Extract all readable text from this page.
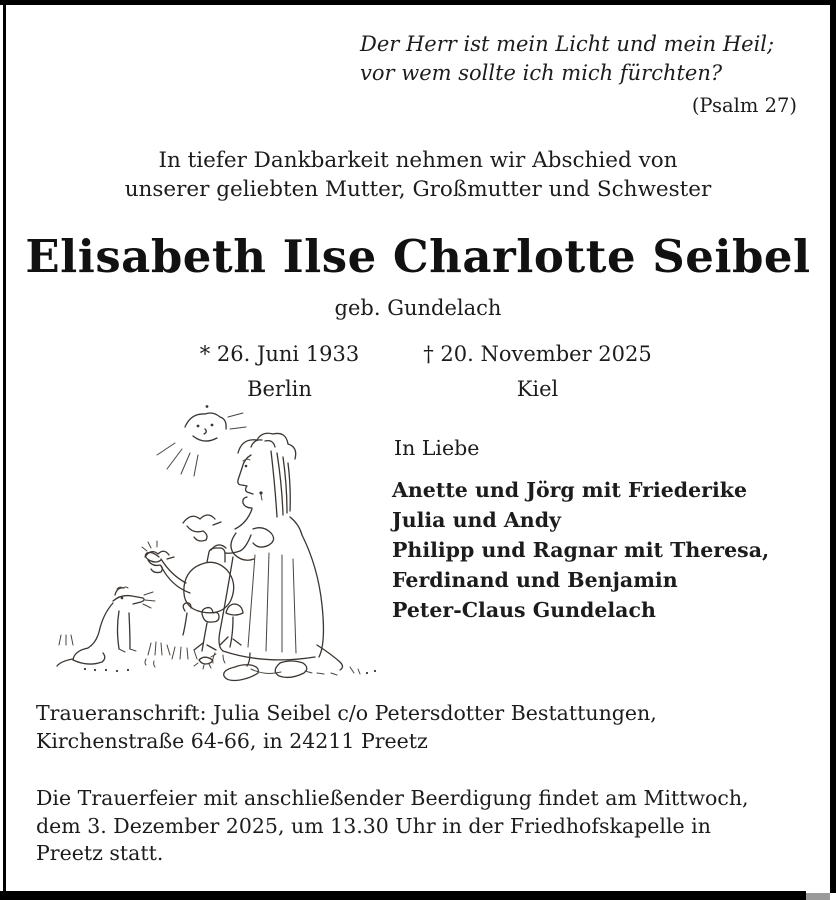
Der Herr ist mein Licht und mein Heil;
vor wem sollte ich mich fürchten?
(Psalm 27)
In tiefer Dankbarkeit nehmen wir Abschied von
unserer geliebten Mutter, Großmutter und Schwester
Elisabeth Ilse Charlotte Seibel
geb. Gundelach
* 26. Juni 1933
Berlin
† 20. November 2025
Kiel
In Liebe
Anette und Jörg mit Friederike
Julia und Andy
Philipp und Ragnar mit Theresa,
Ferdinand und Benjamin
Peter-Claus Gundelach
Traueranschrift: Julia Seibel c/o Petersdotter Bestattungen,
Kirchenstraße 64-66, in 24211 Preetz
Die Trauerfeier mit anschließender Beerdigung findet am Mittwoch,
dem 3. Dezember 2025, um 13.30 Uhr in der Friedhofskapelle in
Preetz statt.
